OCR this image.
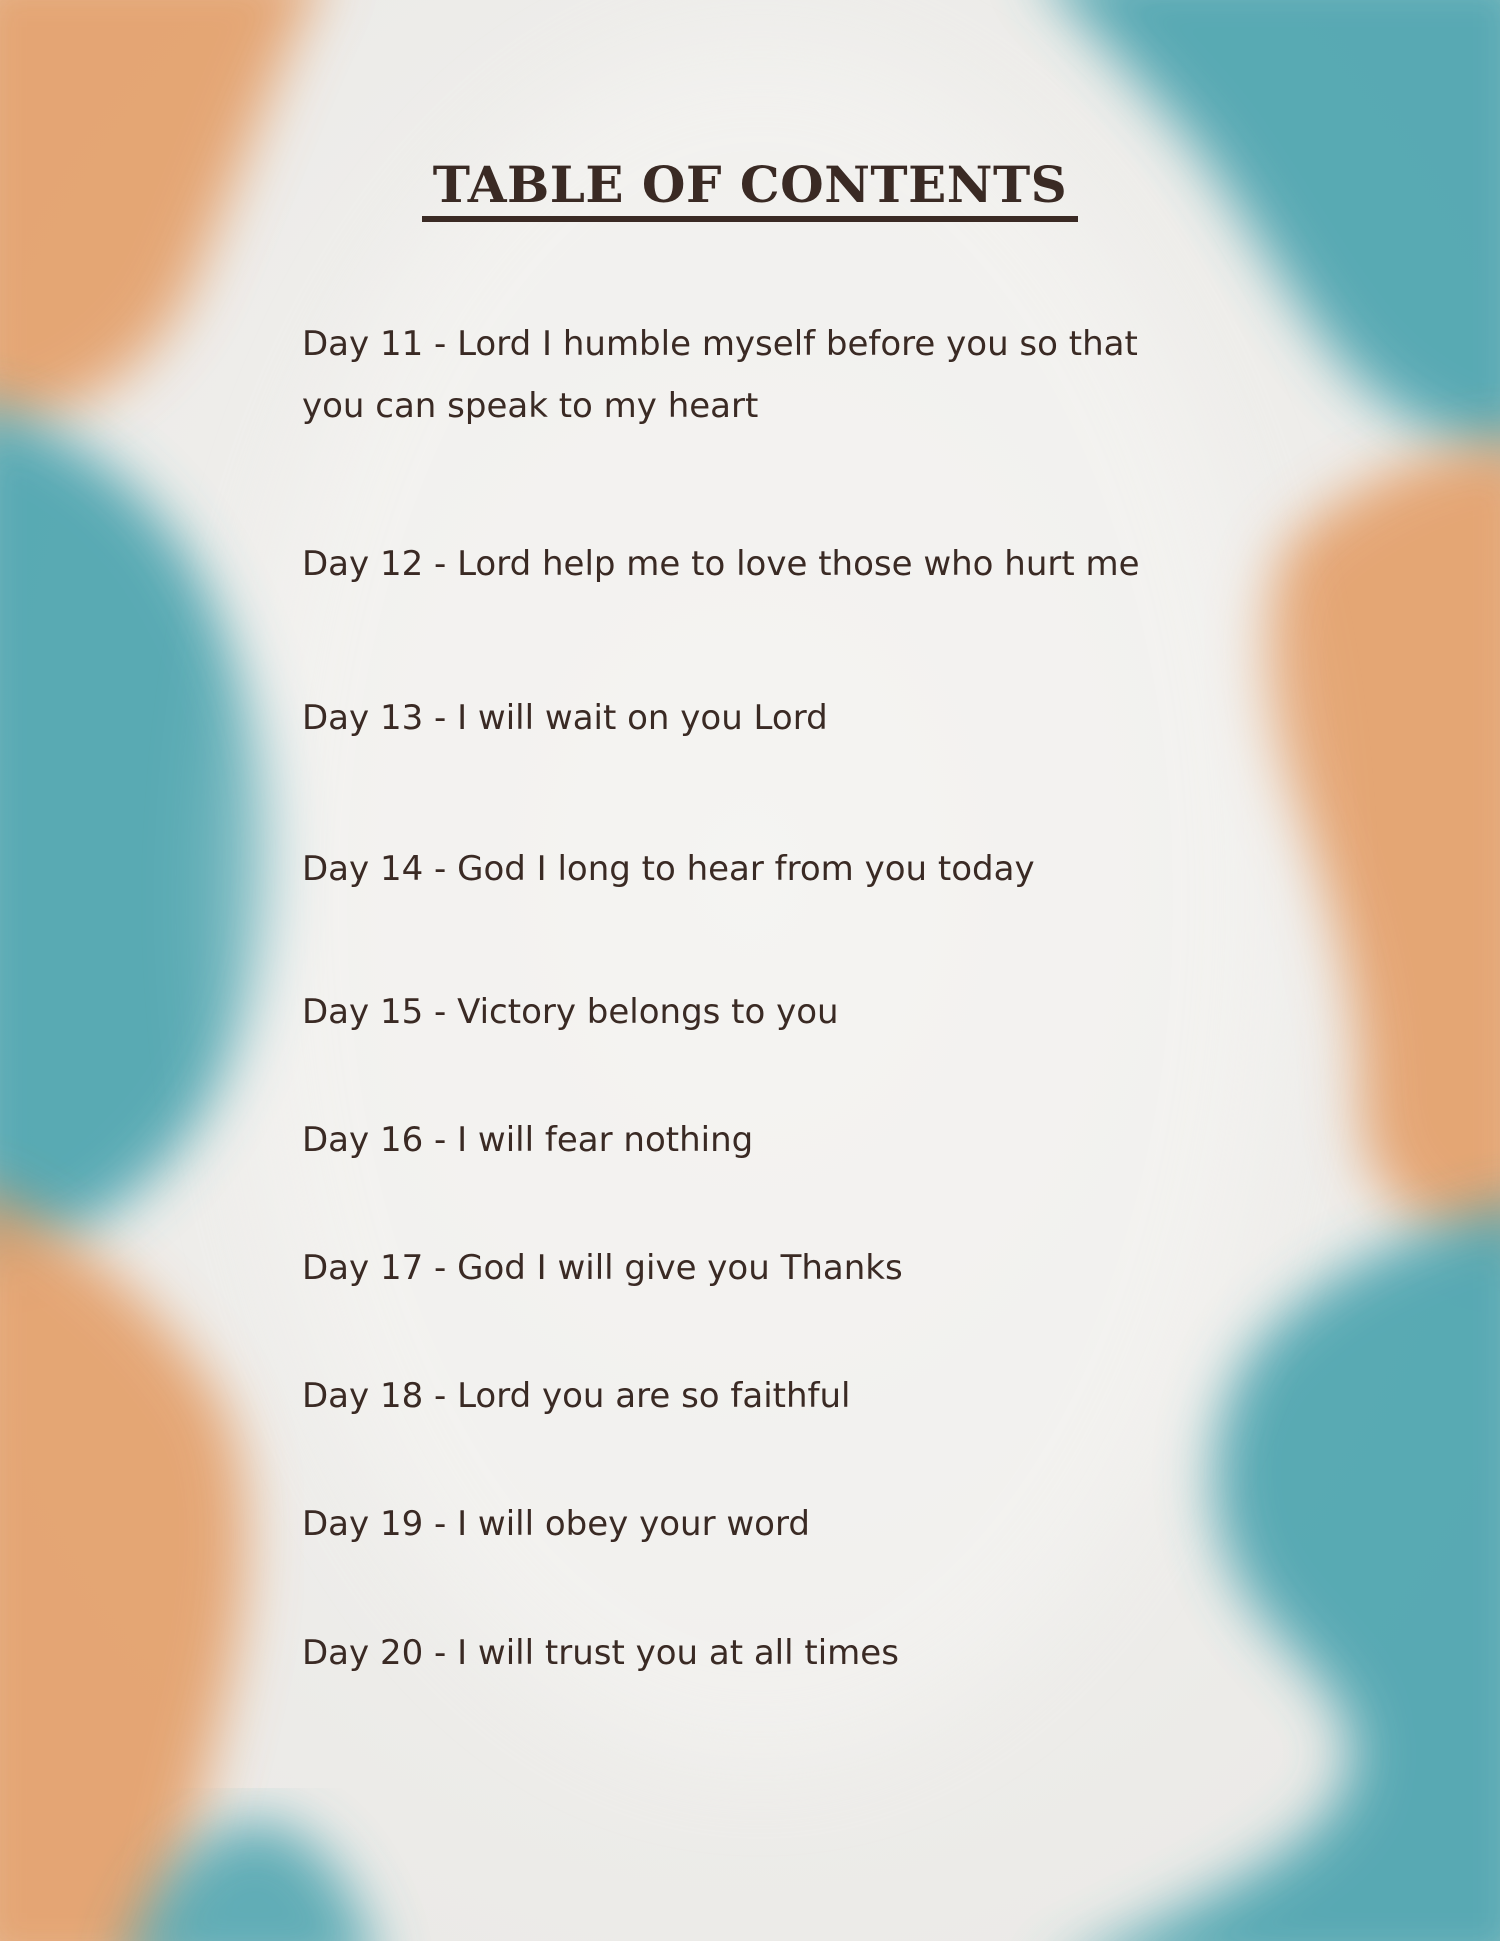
TABLE OF CONTENTS

Day 11 - Lord I humble myself before you so that you can speak to my heart

Day 12 - Lord help me to love those who hurt me

Day 13 - I will wait on you Lord

Day 14 - God I long to hear from you today

Day 15 - Victory belongs to you

Day 16 - I will fear nothing

Day 17 - God I will give you Thanks

Day 18 - Lord you are so faithful

Day 19 - I will obey your word

Day 20 - I will trust you at all times
